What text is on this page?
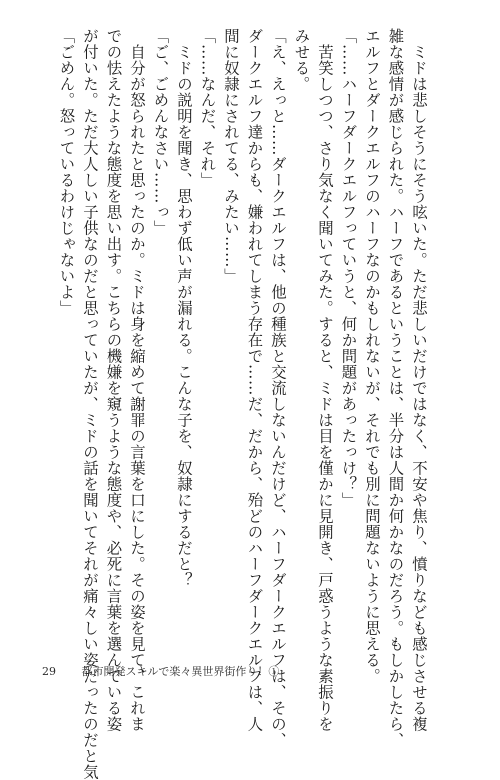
　ミドは悲しそうにそう呟いた。ただ悲しいだけではなく、不安や焦り、憤りなども感じさせる複
雑な感情が感じられた。ハーフであるということは、半分は人間か何かなのだろう。もしかしたら、
エルフとダークエルフのハーフなのかもしれないが、それでも別に問題ないように思える。
「……ハーフダークエルフっていうと、何か問題があったっけ？」
　苦笑しつつ、さり気なく聞いてみた。すると、ミドは目を僅かに見開き、戸惑うような素振りを
みせる。
「え、えっと……ダークエルフは、他の種族と交流しないんだけど、ハーフダークエルフは、その、
ダークエルフ達からも、嫌われてしまう存在で……だ、だから、殆どのハーフダークエルフは、人
間に奴隷にされてる、みたい……」
「……なんだ、それ」
　ミドの説明を聞き、思わず低い声が漏れる。こんな子を、奴隷にするだと？
「ご、ごめんなさい……っ」
　自分が怒られたと思ったのか。ミドは身を縮めて謝罪の言葉を口にした。その姿を見て、これま
での怯えたような態度を思い出す。こちらの機嫌を窺うような態度や、必死に言葉を選んでいる姿
が付いた。ただ大人しい子供なのだと思っていたが、ミドの話を聞いてそれが痛々しい姿だったのだと気
「ごめん。怒っているわけじゃないよ」
29 都市開発スキルで楽々異世界街作り！①
